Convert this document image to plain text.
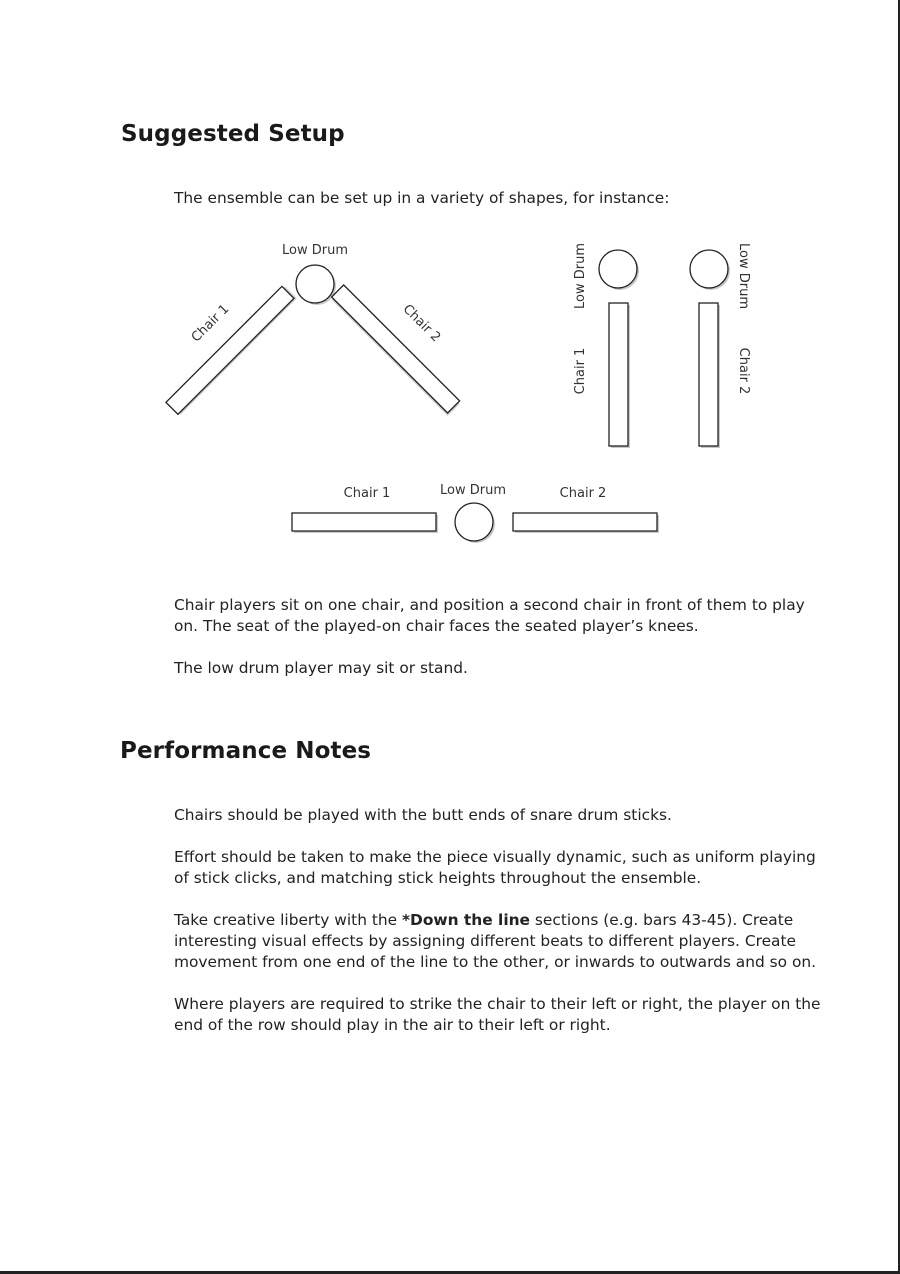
Suggested Setup

The ensemble can be set up in a variety of shapes, for instance:

Low Drum
Chair 1	Chair 2
Low Drum
Chair 1
Low Drum
Chair 2
Chair 1	Low Drum	Chair 2

Chair players sit on one chair, and position a second chair in front of them to play
on. The seat of the played-on chair faces the seated player’s knees.

The low drum player may sit or stand.

Performance Notes

Chairs should be played with the butt ends of snare drum sticks.

Effort should be taken to make the piece visually dynamic, such as uniform playing
of stick clicks, and matching stick heights throughout the ensemble.

Take creative liberty with the *Down the line sections (e.g. bars 43-45). Create
interesting visual effects by assigning different beats to different players. Create
movement from one end of the line to the other, or inwards to outwards and so on.

Where players are required to strike the chair to their left or right, the player on the
end of the row should play in the air to their left or right.
